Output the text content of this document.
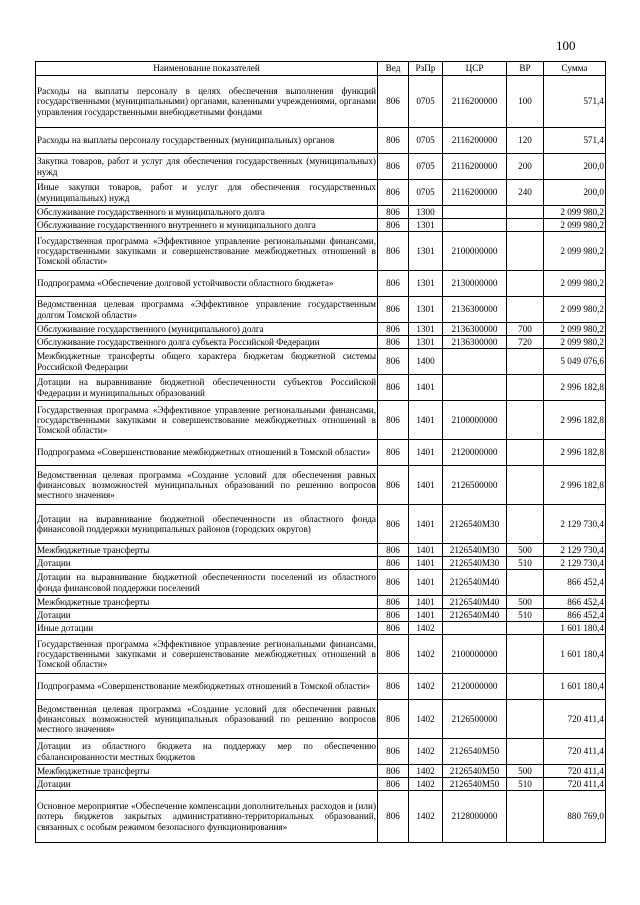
100
Наименование показателей	Вед	РзПр	ЦСР	ВР	Сумма
Расходы на выплаты персоналу в целях обеспечения выполнения функций государственными (муниципальными) органами, казенными учреждениями, органами управления государственными внебюджетными фондами	806	0705	2116200000	100	571,4
Расходы на выплаты персоналу государственных (муниципальных) органов	806	0705	2116200000	120	571,4
Закупка товаров, работ и услуг для обеспечения государственных (муниципальных) нужд	806	0705	2116200000	200	200,0
Иные закупки товаров, работ и услуг для обеспечения государственных (муниципальных) нужд	806	0705	2116200000	240	200,0
Обслуживание государственного и муниципального долга	806	1300			2 099 980,2
Обслуживание государственного внутреннего и муниципального долга	806	1301			2 099 980,2
Государственная программа «Эффективное управление региональными финансами, государственными закупками и совершенствование межбюджетных отношений в Томской области»	806	1301	2100000000		2 099 980,2
Подпрограмма «Обеспечение долговой устойчивости областного бюджета»	806	1301	2130000000		2 099 980,2
Ведомственная целевая программа «Эффективное управление государственным долгом Томской области»	806	1301	2136300000		2 099 980,2
Обслуживание государственного (муниципального) долга	806	1301	2136300000	700	2 099 980,2
Обслуживание государственного долга субъекта Российской Федерации	806	1301	2136300000	720	2 099 980,2
Межбюджетные трансферты общего характера бюджетам бюджетной системы Российской Федерации	806	1400			5 049 076,6
Дотации на выравнивание бюджетной обеспеченности субъектов Российской Федерации и муниципальных образований	806	1401			2 996 182,8
Государственная программа «Эффективное управление региональными финансами, государственными закупками и совершенствование межбюджетных отношений в Томской области»	806	1401	2100000000		2 996 182,8
Подпрограмма «Совершенствование межбюджетных отношений в Томской области»	806	1401	2120000000		2 996 182,8
Ведомственная целевая программа «Создание условий для обеспечения равных финансовых возможностей муниципальных образований по решению вопросов местного значения»	806	1401	2126500000		2 996 182,8
Дотации на выравнивание бюджетной обеспеченности из областного фонда финансовой поддержки муниципальных районов (городских округов)	806	1401	2126540М30		2 129 730,4
Межбюджетные трансферты	806	1401	2126540М30	500	2 129 730,4
Дотации	806	1401	2126540М30	510	2 129 730,4
Дотации на выравнивание бюджетной обеспеченности поселений из областного фонда финансовой поддержки поселений	806	1401	2126540М40		866 452,4
Межбюджетные трансферты	806	1401	2126540М40	500	866 452,4
Дотации	806	1401	2126540М40	510	866 452,4
Иные дотации	806	1402			1 601 180,4
Государственная программа «Эффективное управление региональными финансами, государственными закупками и совершенствование межбюджетных отношений в Томской области»	806	1402	2100000000		1 601 180,4
Подпрограмма «Совершенствование межбюджетных отношений в Томской области»	806	1402	2120000000		1 601 180,4
Ведомственная целевая программа «Создание условий для обеспечения равных финансовых возможностей муниципальных образований по решению вопросов местного значения»	806	1402	2126500000		720 411,4
Дотации из областного бюджета на поддержку мер по обеспечению сбалансированности местных бюджетов	806	1402	2126540М50		720 411,4
Межбюджетные трансферты	806	1402	2126540М50	500	720 411,4
Дотации	806	1402	2126540М50	510	720 411,4
Основное мероприятие «Обеспечение компенсации дополнительных расходов и (или) потерь бюджетов закрытых административно-территориальных образований, связанных с особым режимом безопасного функционирования»	806	1402	2128000000		880 769,0
